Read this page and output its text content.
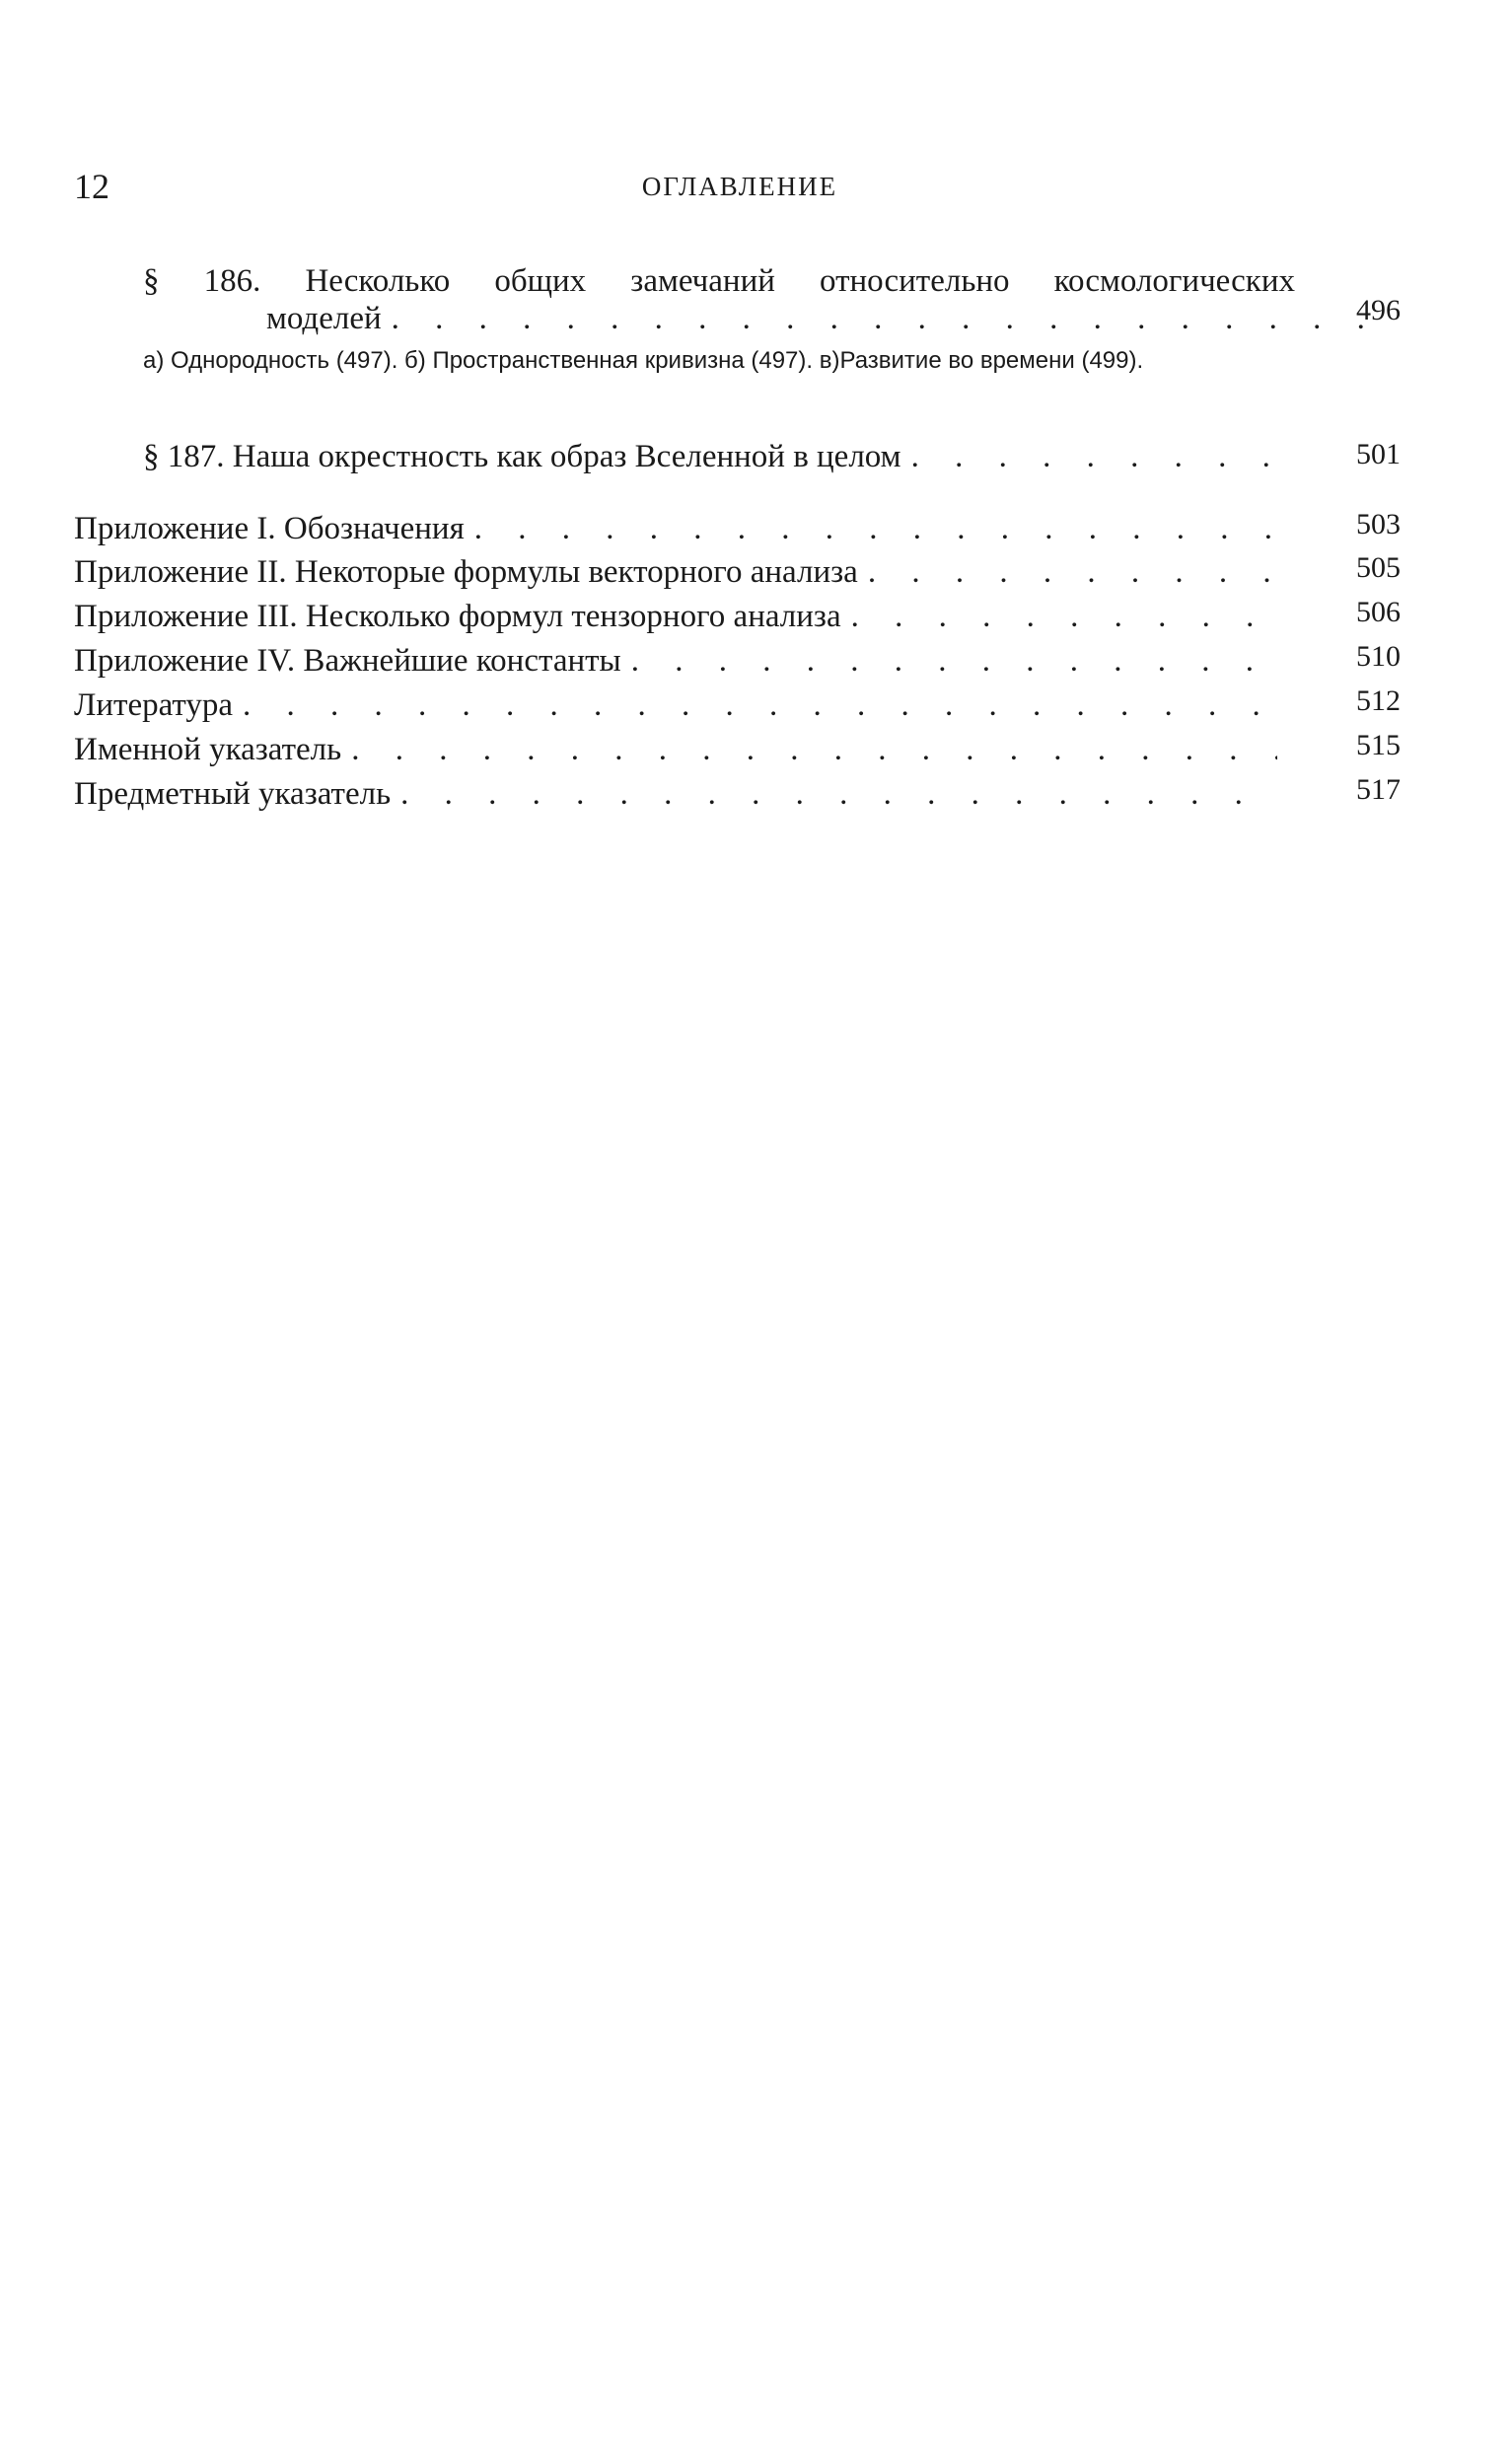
12	ОГЛАВЛЕНИЕ
§ 186. Несколько общих замечаний относительно космологических
моделей . . .	496
а) Однородность (497). б) Пространственная кривизна (497). в)Развитие во времени (499).
§ 187. Наша окрестность как образ Вселенной в целом . . .	501
Приложение I. Обозначения . . .	503
Приложение II. Некоторые формулы векторного анализа . . .	505
Приложение III. Несколько формул тензорного анализа . . .	506
Приложение IV. Важнейшие константы . . .	510
Литература . . .	512
Именной указатель . . .	515
Предметный указатель . . .	517
